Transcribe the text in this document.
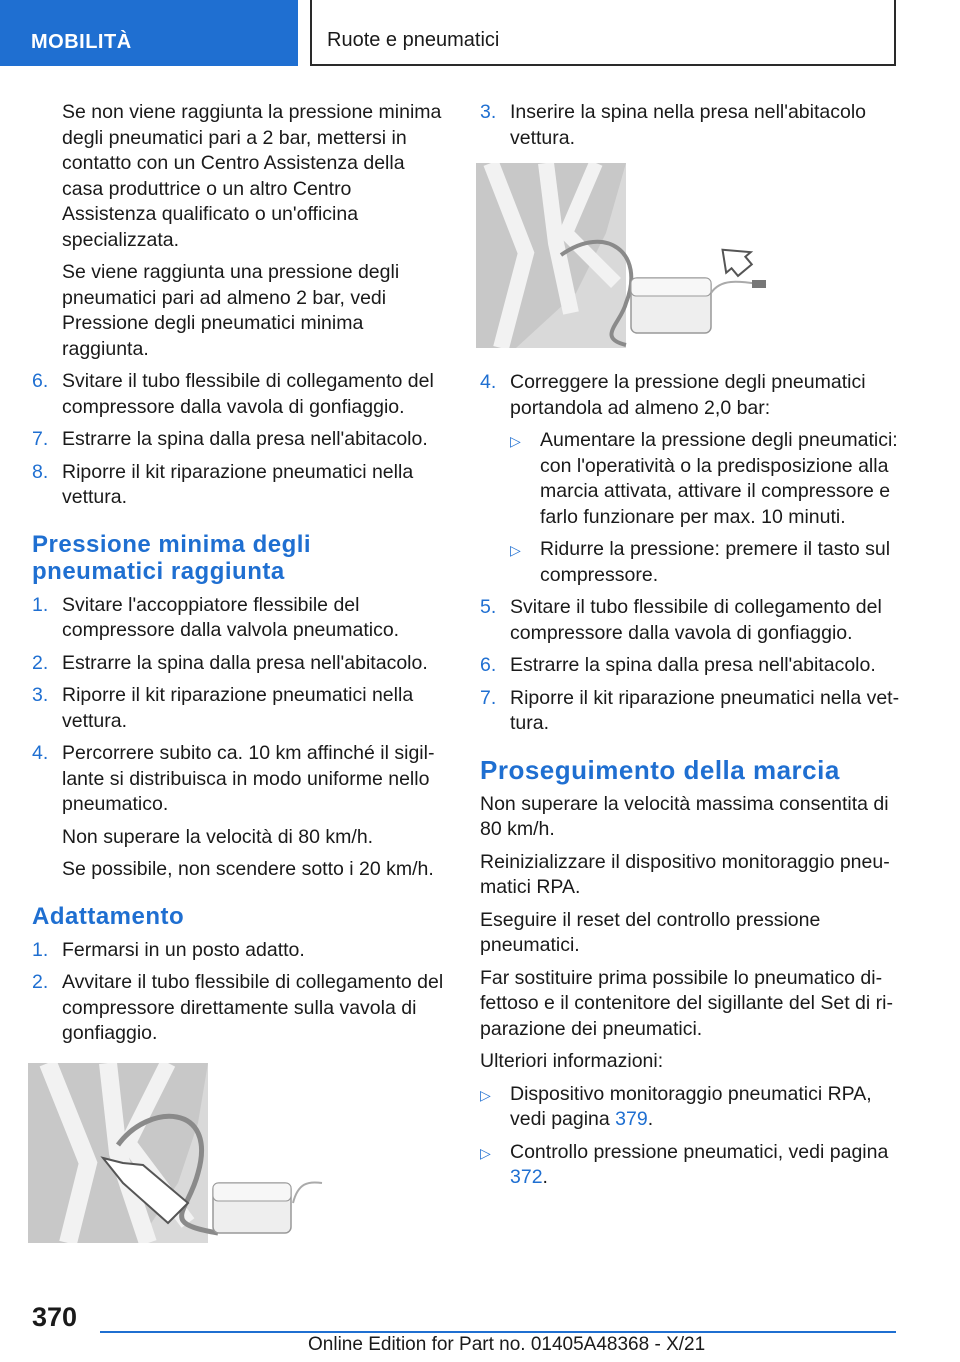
MOBILITÀ	Ruote e pneumatici

Se non viene raggiunta la pressione minima degli pneumatici pari a 2 bar, mettersi in contatto con un Centro Assistenza della casa produttrice o un altro Centro Assistenza qualificato o un'officina specializzata.

Se viene raggiunta una pressione degli pneumatici pari ad almeno 2 bar, vedi Pressione degli pneumatici minima raggiunta.

6. Svitare il tubo flessibile di collegamento del compressore dalla vavola di gonfiaggio.
7. Estrarre la spina dalla presa nell'abitacolo.
8. Riporre il kit riparazione pneumatici nella vettura.
Pressione minima degli pneumatici raggiunta
1. Svitare l'accoppiatore flessibile del compressore dalla valvola pneumatico.
2. Estrarre la spina dalla presa nell'abitacolo.
3. Riporre il kit riparazione pneumatici nella vettura.
4. Percorrere subito ca. 10 km affinché il sigillante si distribuisca in modo uniforme nello pneumatico.

Non superare la velocità di 80 km/h.

Se possibile, non scendere sotto i 20 km/h.

Adattamento
1. Fermarsi in un posto adatto.
2. Avvitare il tubo flessibile di collegamento del compressore direttamente sulla vavola di gonfiaggio.
3. Inserire la spina nella presa nell'abitacolo vettura.
4. Correggere la pressione degli pneumatici portandola ad almeno 2,0 bar:
▷ Aumentare la pressione degli pneumatici: con l'operatività o la predisposizione alla marcia attivata, attivare il compressore e farlo funzionare per max. 10 minuti.
▷ Ridurre la pressione: premere il tasto sul compressore.
5. Svitare il tubo flessibile di collegamento del compressore dalla vavola di gonfiaggio.
6. Estrarre la spina dalla presa nell'abitacolo.
7. Riporre il kit riparazione pneumatici nella vettura.
Proseguimento della marcia

Non superare la velocità massima consentita di 80 km/h.

Reinizializzare il dispositivo monitoraggio pneumatici RPA.

Eseguire il reset del controllo pressione pneumatici.

Far sostituire prima possibile lo pneumatico difettoso e il contenitore del sigillante del Set di riparazione dei pneumatici.

Ulteriori informazioni:

▷ Dispositivo monitoraggio pneumatici RPA, vedi pagina 379.
▷ Controllo pressione pneumatici, vedi pagina 372.
370
Online Edition for Part no. 01405A48368 - X/21
